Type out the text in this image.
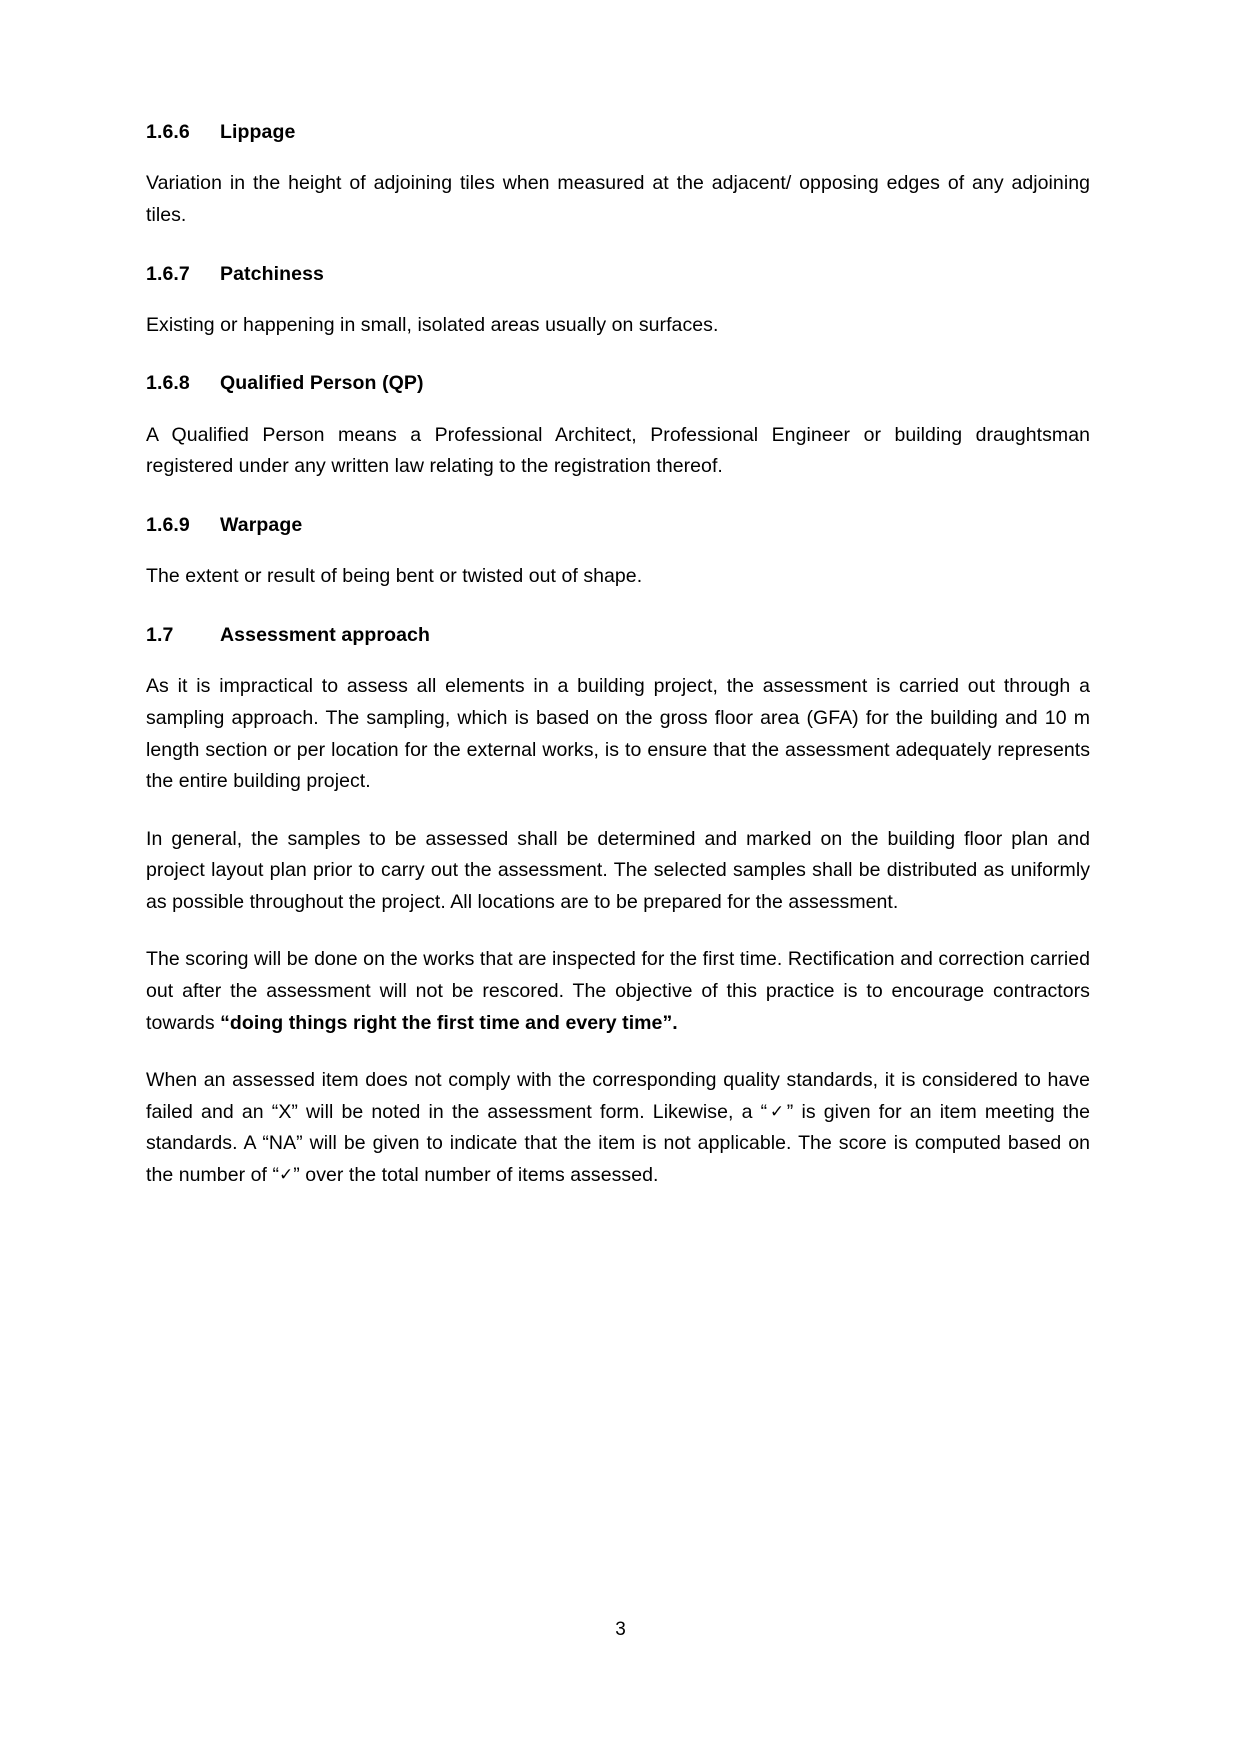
1.6.6 Lippage

Variation in the height of adjoining tiles when measured at the adjacent/ opposing edges of any adjoining tiles.

1.6.7 Patchiness

Existing or happening in small, isolated areas usually on surfaces.

1.6.8 Qualified Person (QP)

A Qualified Person means a Professional Architect, Professional Engineer or building draughtsman registered under any written law relating to the registration thereof.

1.6.9 Warpage

The extent or result of being bent or twisted out of shape.

1.7 Assessment approach

As it is impractical to assess all elements in a building project, the assessment is carried out through a sampling approach. The sampling, which is based on the gross floor area (GFA) for the building and 10 m length section or per location for the external works, is to ensure that the assessment adequately represents the entire building project.

In general, the samples to be assessed shall be determined and marked on the building floor plan and project layout plan prior to carry out the assessment. The selected samples shall be distributed as uniformly as possible throughout the project. All locations are to be prepared for the assessment.

The scoring will be done on the works that are inspected for the first time. Rectification and correction carried out after the assessment will not be rescored. The objective of this practice is to encourage contractors towards “doing things right the first time and every time”.

When an assessed item does not comply with the corresponding quality standards, it is considered to have failed and an “X” will be noted in the assessment form. Likewise, a “✓” is given for an item meeting the standards. A “NA” will be given to indicate that the item is not applicable. The score is computed based on the number of “✓” over the total number of items assessed.

3
